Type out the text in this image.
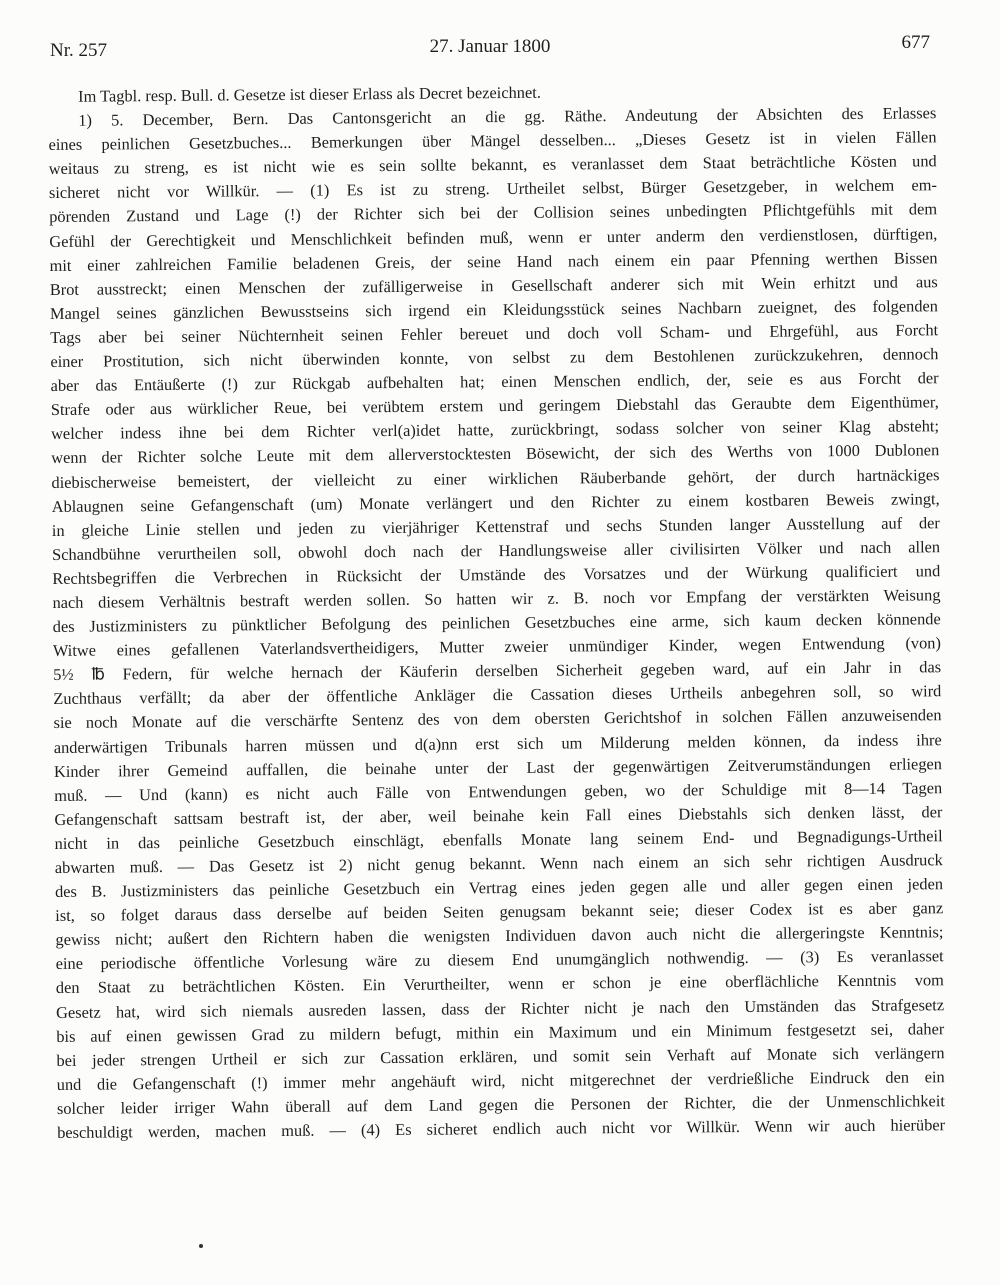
Nr. 257	27. Januar 1800	677
Im Tagbl. resp. Bull. d. Gesetze ist dieser Erlass als Decret bezeichnet.
1) 5. December, Bern. Das Cantonsgericht an die gg. Räthe. Andeutung der Absichten des Erlasses
eines peinlichen Gesetzbuches... Bemerkungen über Mängel desselben... „Dieses Gesetz ist in vielen Fällen
weitaus zu streng, es ist nicht wie es sein sollte bekannt, es veranlasset dem Staat beträchtliche Kösten und
sicheret nicht vor Willkür. — (1) Es ist zu streng. Urtheilet selbst, Bürger Gesetzgeber, in welchem em-
pörenden Zustand und Lage (!) der Richter sich bei der Collision seines unbedingten Pflichtgefühls mit dem
Gefühl der Gerechtigkeit und Menschlichkeit befinden muß, wenn er unter anderm den verdienstlosen, dürftigen,
mit einer zahlreichen Familie beladenen Greis, der seine Hand nach einem ein paar Pfenning werthen Bissen
Brot ausstreckt; einen Menschen der zufälligerweise in Gesellschaft anderer sich mit Wein erhitzt und aus
Mangel seines gänzlichen Bewusstseins sich irgend ein Kleidungsstück seines Nachbarn zueignet, des folgenden
Tags aber bei seiner Nüchternheit seinen Fehler bereuet und doch voll Scham- und Ehrgefühl, aus Forcht
einer Prostitution, sich nicht überwinden konnte, von selbst zu dem Bestohlenen zurückzukehren, dennoch
aber das Entäußerte (!) zur Rückgab aufbehalten hat; einen Menschen endlich, der, seie es aus Forcht der
Strafe oder aus würklicher Reue, bei verübtem erstem und geringem Diebstahl das Geraubte dem Eigenthümer,
welcher indess ihne bei dem Richter verl(a)idet hatte, zurückbringt, sodass solcher von seiner Klag absteht;
wenn der Richter solche Leute mit dem allerverstocktesten Bösewicht, der sich des Werths von 1000 Dublonen
diebischerweise bemeistert, der vielleicht zu einer wirklichen Räuberbande gehört, der durch hartnäckiges
Ablaugnen seine Gefangenschaft (um) Monate verlängert und den Richter zu einem kostbaren Beweis zwingt,
in gleiche Linie stellen und jeden zu vierjähriger Kettenstraf und sechs Stunden langer Ausstellung auf der
Schandbühne verurtheilen soll, obwohl doch nach der Handlungsweise aller civilisirten Völker und nach allen
Rechtsbegriffen die Verbrechen in Rücksicht der Umstände des Vorsatzes und der Würkung qualificiert und
nach diesem Verhältnis bestraft werden sollen. So hatten wir z. B. noch vor Empfang der verstärkten Weisung
des Justizministers zu pünktlicher Befolgung des peinlichen Gesetzbuches eine arme, sich kaum decken könnende
Witwe eines gefallenen Vaterlandsvertheidigers, Mutter zweier unmündiger Kinder, wegen Entwendung (von)
5½ ℔ Federn, für welche hernach der Käuferin derselben Sicherheit gegeben ward, auf ein Jahr in das
Zuchthaus verfällt; da aber der öffentliche Ankläger die Cassation dieses Urtheils anbegehren soll, so wird
sie noch Monate auf die verschärfte Sentenz des von dem obersten Gerichtshof in solchen Fällen anzuweisenden
anderwärtigen Tribunals harren müssen und d(a)nn erst sich um Milderung melden können, da indess ihre
Kinder ihrer Gemeind auffallen, die beinahe unter der Last der gegenwärtigen Zeitverumständungen erliegen
muß. — Und (kann) es nicht auch Fälle von Entwendungen geben, wo der Schuldige mit 8—14 Tagen
Gefangenschaft sattsam bestraft ist, der aber, weil beinahe kein Fall eines Diebstahls sich denken lässt, der
nicht in das peinliche Gesetzbuch einschlägt, ebenfalls Monate lang seinem End- und Begnadigungs-Urtheil
abwarten muß. — Das Gesetz ist 2) nicht genug bekannt. Wenn nach einem an sich sehr richtigen Ausdruck
des B. Justizministers das peinliche Gesetzbuch ein Vertrag eines jeden gegen alle und aller gegen einen jeden
ist, so folget daraus dass derselbe auf beiden Seiten genugsam bekannt seie; dieser Codex ist es aber ganz
gewiss nicht; außert den Richtern haben die wenigsten Individuen davon auch nicht die allergeringste Kenntnis;
eine periodische öffentliche Vorlesung wäre zu diesem End unumgänglich nothwendig. — (3) Es veranlasset
den Staat zu beträchtlichen Kösten. Ein Verurtheilter, wenn er schon je eine oberflächliche Kenntnis vom
Gesetz hat, wird sich niemals ausreden lassen, dass der Richter nicht je nach den Umständen das Strafgesetz
bis auf einen gewissen Grad zu mildern befugt, mithin ein Maximum und ein Minimum festgesetzt sei, daher
bei jeder strengen Urtheil er sich zur Cassation erklären, und somit sein Verhaft auf Monate sich verlängern
und die Gefangenschaft (!) immer mehr angehäuft wird, nicht mitgerechnet der verdrießliche Eindruck den ein
solcher leider irriger Wahn überall auf dem Land gegen die Personen der Richter, die der Unmenschlichkeit
beschuldigt werden, machen muß. — (4) Es sicheret endlich auch nicht vor Willkür. Wenn wir auch hierüber
